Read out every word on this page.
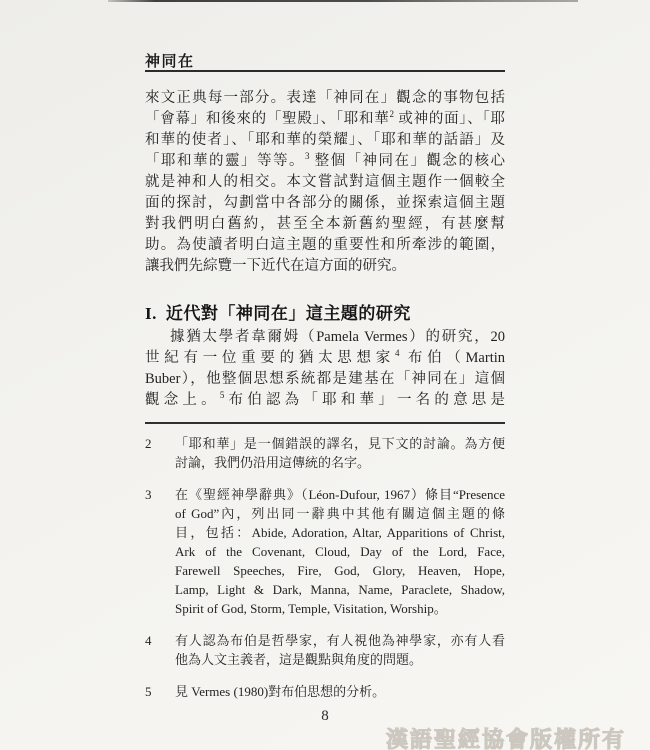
神同在
來文正典每一部分。表達「神同在」觀念的事物包括
「會幕」和後來的「聖殿」、「耶和華$^2$ 或神的面」、「耶
和華的使者」、「耶和華的榮耀」、「耶和華的話語」及
「耶和華的靈」等等。$^3$ 整個「神同在」觀念的核心
就是神和人的相交。本文嘗試對這個主題作一個較全
面的探討，勾劃當中各部分的關係，並探索這個主題
對我們明白舊約，甚至全本新舊約聖經，有甚麼幫
助。為使讀者明白這主題的重要性和所牽涉的範圍，
讓我們先綜覽一下近代在這方面的研究。
I. 近代對「神同在」這主題的研究
據猶太學者韋爾姆（Pamela Vermes）的研究，20
世紀有一位重要的猶太思想家$^4$ 布伯（Martin
Buber），他整個思想系統都是建基在「神同在」這個
觀念上。$^5$布伯認為「耶和華」一名的意思是
2	「耶和華」是一個錯誤的譯名，見下文的討論。為方便
討論，我們仍沿用這傳統的名字。
3	在《聖經神學辭典》（Léon-Dufour, 1967）條目“Presence
of God”內，列出同一辭典中其他有關這個主題的條
目，包括：Abide, Adoration, Altar, Apparitions of Christ,
Ark of the Covenant, Cloud, Day of the Lord, Face,
Farewell Speeches, Fire, God, Glory, Heaven, Hope,
Lamp, Light & Dark, Manna, Name, Paraclete, Shadow,
Spirit of God, Storm, Temple, Visitation, Worship。
4	有人認為布伯是哲學家，有人視他為神學家，亦有人看
他為人文主義者，這是觀點與角度的問題。
5	見 Vermes (1980)對布伯思想的分析。
8
漢語聖經協會版權所有
